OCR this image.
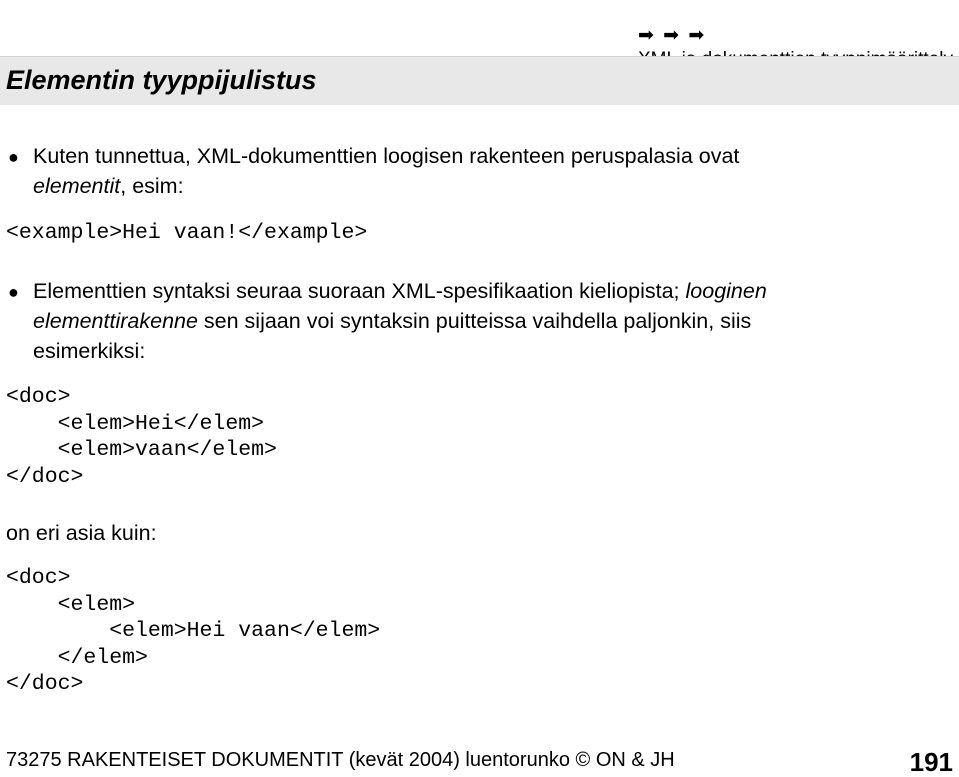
➡ ➡ ➡

Elementin tyyppijulistus
● Kuten tunnettua, XML-dokumenttien loogisen rakenteen peruspalasia ovat
elementit, esim:
<example>Hei vaan!</example>
● Elementtien syntaksi seuraa suoraan XML-spesifikaation kieliopista; looginen
elementtirakenne sen sijaan voi syntaksin puitteissa vaihdella paljonkin, siis
esimerkiksi:
<doc>
<elem>Hei</elem>
<elem>vaan</elem>
</doc>
on eri asia kuin:
<doc>
<elem>
<elem>Hei vaan</elem>
</elem>
</doc>
73275 RAKENTEISET DOKUMENTIT (kevät 2004) luentorunko © ON & JH	191
